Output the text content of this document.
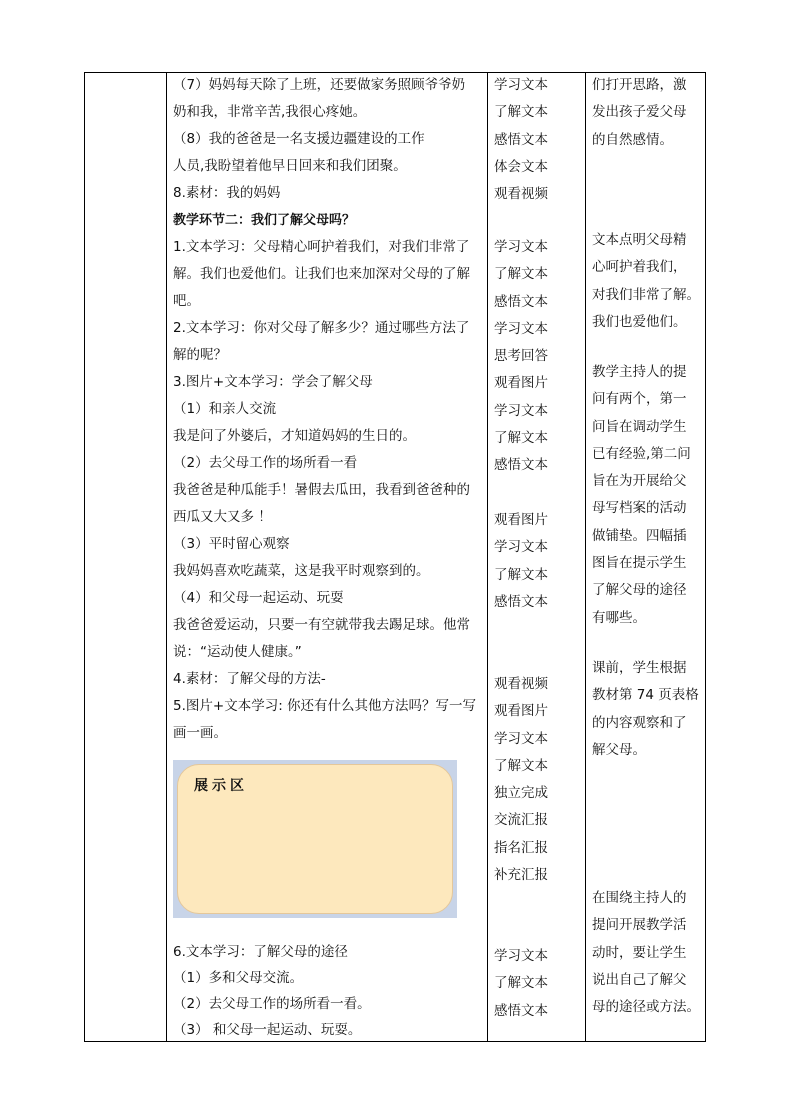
（7）妈妈每天除了上班，还要做家务照顾爷爷奶
奶和我，非常辛苦,我很心疼她。
（8）我的爸爸是一名支援边疆建设的工作
人员,我盼望着他早日回来和我们团聚。
8.素材：我的妈妈
教学环节二：我们了解父母吗？
1.文本学习：父母精心呵护着我们，对我们非常了
解。我们也爱他们。让我们也来加深对父母的了解
吧。
2.文本学习：你对父母了解多少？通过哪些方法了
解的呢？
3.图片+文本学习：学会了解父母
（1）和亲人交流
我是问了外婆后，才知道妈妈的生日的。
（2）去父母工作的场所看一看
我爸爸是种瓜能手！暑假去瓜田，我看到爸爸种的
西瓜又大又多 ！
（3）平时留心观察
我妈妈喜欢吃蔬菜，这是我平时观察到的。
（4）和父母一起运动、玩耍
我爸爸爱运动，只要一有空就带我去踢足球。他常
说：“运动使人健康。”
4.素材：了解父母的方法-
5.图片+文本学习: 你还有什么其他方法吗？写一写
画一画。
展示区
6.文本学习：了解父母的途径
（1）多和父母交流。
（2）去父母工作的场所看一看。
（3） 和父母一起运动、玩耍。
学习文本
了解文本
感悟文本
体会文本
观看视频
学习文本
了解文本
感悟文本
学习文本
思考回答
观看图片
学习文本
了解文本
感悟文本
观看图片
学习文本
了解文本
感悟文本
观看视频
观看图片
学习文本
了解文本
独立完成
交流汇报
指名汇报
补充汇报
学习文本
了解文本
感悟文本
们打开思路，激
发出孩子爱父母
的自然感情。
文本点明父母精
心呵护着我们，
对我们非常了解。
我们也爱他们。
教学主持人的提
问有两个，第一
问旨在调动学生
已有经验,第二问
旨在为开展给父
母写档案的活动
做铺垫。四幅插
图旨在提示学生
了解父母的途径
有哪些。
课前，学生根据
教材第 74 页表格
的内容观察和了
解父母。
在围绕主持人的
提问开展教学活
动时，要让学生
说出自己了解父
母的途径或方法。
